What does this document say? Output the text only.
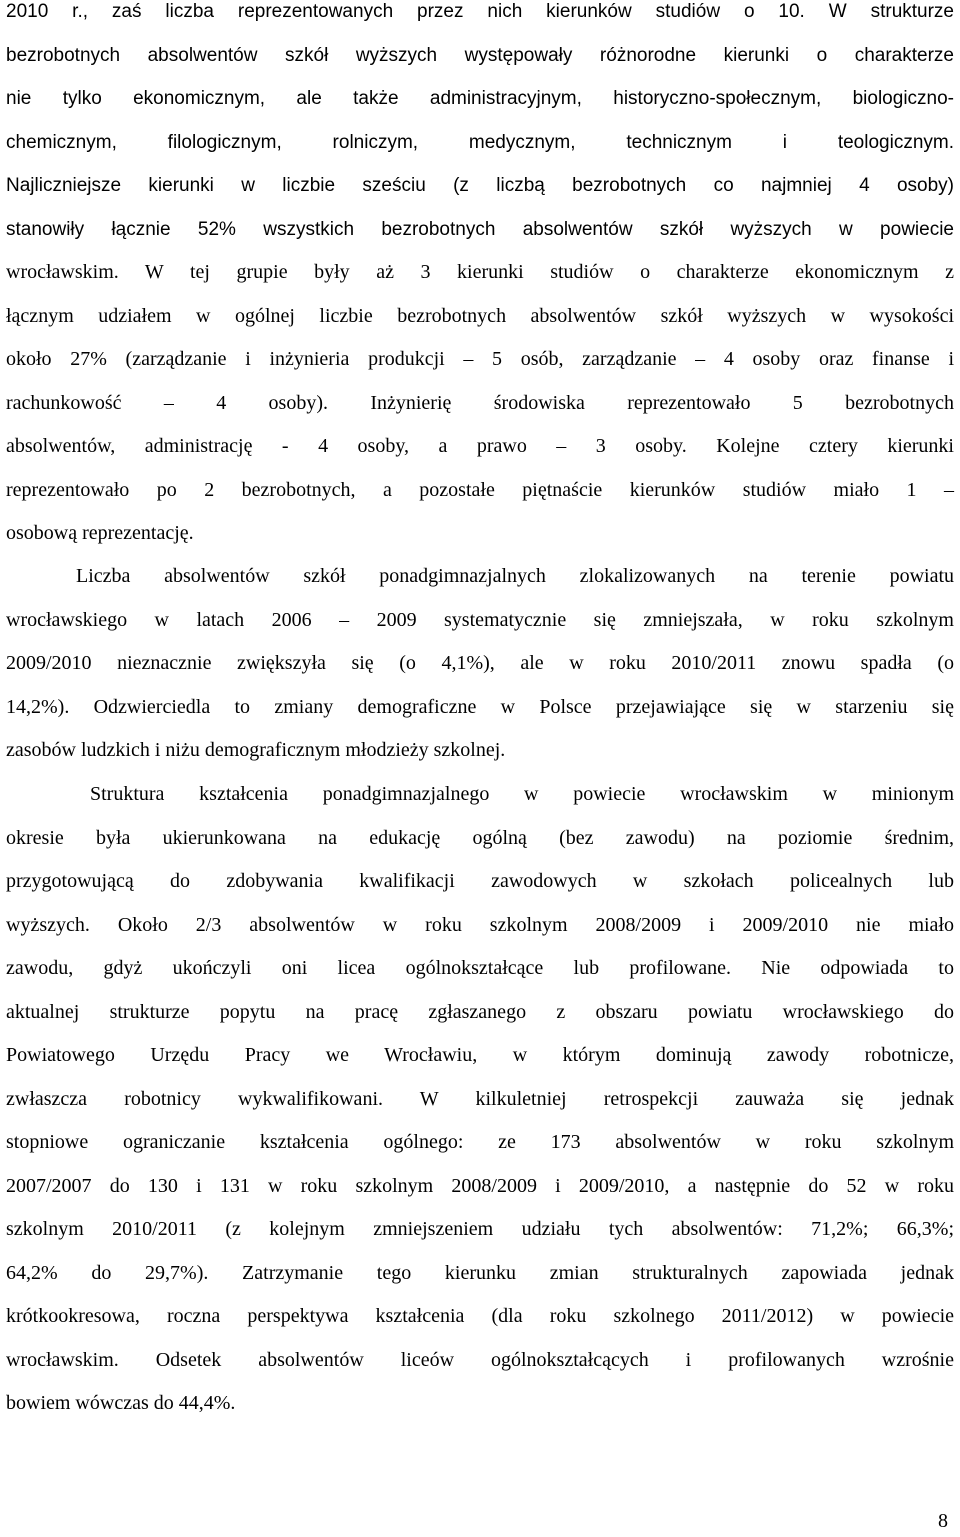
2010 r., zaś liczba reprezentowanych przez nich kierunków studiów o 10. W strukturze
bezrobotnych absolwentów szkół wyższych występowały różnorodne kierunki o charakterze
nie tylko ekonomicznym, ale także administracyjnym, historyczno-społecznym, biologiczno-
chemicznym, filologicznym, rolniczym, medycznym, technicznym i teologicznym.
Najliczniejsze kierunki w liczbie sześciu (z liczbą bezrobotnych co najmniej 4 osoby)
stanowiły łącznie 52% wszystkich bezrobotnych absolwentów szkół wyższych w powiecie
wrocławskim. W tej grupie były aż 3 kierunki studiów o charakterze ekonomicznym z
łącznym udziałem w ogólnej liczbie bezrobotnych absolwentów szkół wyższych w wysokości
około 27% (zarządzanie i inżynieria produkcji – 5 osób, zarządzanie – 4 osoby oraz finanse i
rachunkowość – 4 osoby). Inżynierię środowiska reprezentowało 5 bezrobotnych
absolwentów, administrację - 4 osoby, a prawo – 3 osoby. Kolejne cztery kierunki
reprezentowało po 2 bezrobotnych, a pozostałe piętnaście kierunków studiów miało 1 –
osobową reprezentację.
Liczba absolwentów szkół ponadgimnazjalnych zlokalizowanych na terenie powiatu
wrocławskiego w latach 2006 – 2009 systematycznie się zmniejszała, w roku szkolnym
2009/2010 nieznacznie zwiększyła się (o 4,1%), ale w roku 2010/2011 znowu spadła (o
14,2%). Odzwierciedla to zmiany demograficzne w Polsce przejawiające się w starzeniu się
zasobów ludzkich i niżu demograficznym młodzieży szkolnej.
Struktura kształcenia ponadgimnazjalnego w powiecie wrocławskim w minionym
okresie była ukierunkowana na edukację ogólną (bez zawodu) na poziomie średnim,
przygotowującą do zdobywania kwalifikacji zawodowych w szkołach policealnych lub
wyższych. Około 2/3 absolwentów w roku szkolnym 2008/2009 i 2009/2010 nie miało
zawodu, gdyż ukończyli oni licea ogólnokształcące lub profilowane. Nie odpowiada to
aktualnej strukturze popytu na pracę zgłaszanego z obszaru powiatu wrocławskiego do
Powiatowego Urzędu Pracy we Wrocławiu, w którym dominują zawody robotnicze,
zwłaszcza robotnicy wykwalifikowani. W kilkuletniej retrospekcji zauważa się jednak
stopniowe ograniczanie kształcenia ogólnego: ze 173 absolwentów w roku szkolnym
2007/2007 do 130 i 131 w roku szkolnym 2008/2009 i 2009/2010, a następnie do 52 w roku
szkolnym 2010/2011 (z kolejnym zmniejszeniem udziału tych absolwentów: 71,2%; 66,3%;
64,2% do 29,7%). Zatrzymanie tego kierunku zmian strukturalnych zapowiada jednak
krótkookresowa, roczna perspektywa kształcenia (dla roku szkolnego 2011/2012) w powiecie
wrocławskim. Odsetek absolwentów liceów ogólnokształcących i profilowanych wzrośnie
bowiem wówczas do 44,4%.
8
